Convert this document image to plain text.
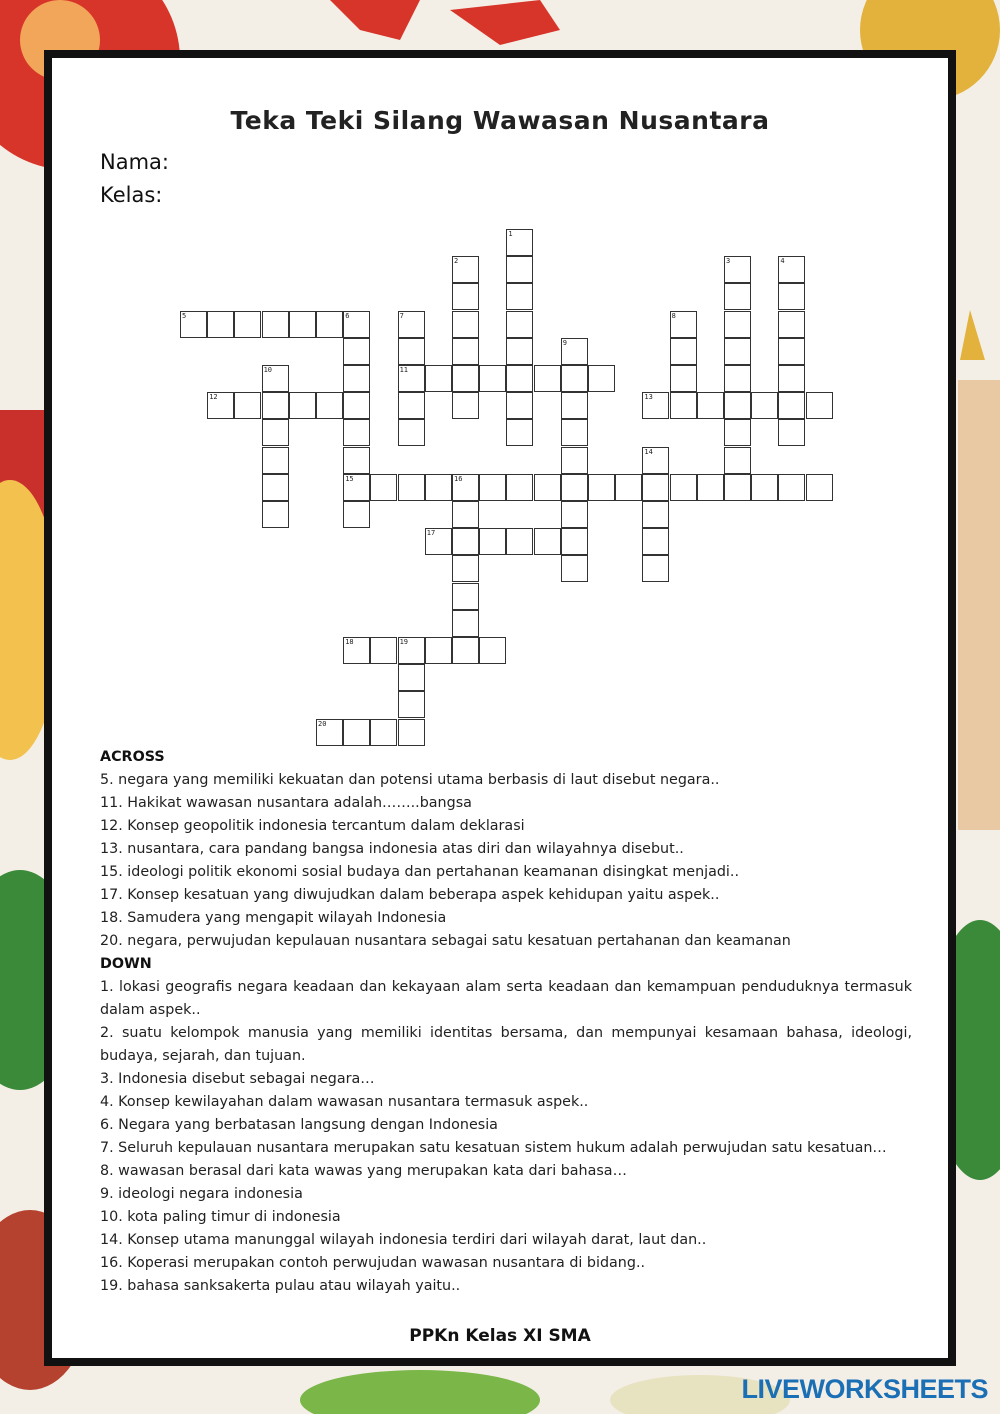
Teka Teki Silang Wawasan Nusantara
Nama:
Kelas:
1
2	3	4
5	6	7	8
9
10	11
12	13
14
15	16
17
18	19
20
ACROSS
5. negara yang memiliki kekuatan dan potensi utama berbasis di laut disebut negara..
11. Hakikat wawasan nusantara adalah……..bangsa
12. Konsep geopolitik indonesia tercantum dalam deklarasi
13. nusantara, cara pandang bangsa indonesia atas diri dan wilayahnya disebut..
15. ideologi politik ekonomi sosial budaya dan pertahanan keamanan disingkat menjadi..
17. Konsep kesatuan yang diwujudkan dalam beberapa aspek kehidupan yaitu aspek..
18. Samudera yang mengapit wilayah Indonesia
20. negara, perwujudan kepulauan nusantara sebagai satu kesatuan pertahanan dan keamanan
DOWN
1. lokasi geografis negara keadaan dan kekayaan alam serta keadaan dan kemampuan penduduknya termasuk dalam aspek..
2. suatu kelompok manusia yang memiliki identitas bersama, dan mempunyai kesamaan bahasa, ideologi, budaya, sejarah, dan tujuan.
3. Indonesia disebut sebagai negara…
4. Konsep kewilayahan dalam wawasan nusantara termasuk aspek..
6. Negara yang berbatasan langsung dengan Indonesia
7. Seluruh kepulauan nusantara merupakan satu kesatuan sistem hukum adalah perwujudan satu kesatuan…
8. wawasan berasal dari kata wawas yang merupakan kata dari bahasa…
9. ideologi negara indonesia
10. kota paling timur di indonesia
14. Konsep utama manunggal wilayah indonesia terdiri dari wilayah darat, laut dan..
16. Koperasi merupakan contoh perwujudan wawasan nusantara di bidang..
19. bahasa sanksakerta pulau atau wilayah yaitu..
PPKn Kelas XI SMA
LIVEWORKSHEETS
